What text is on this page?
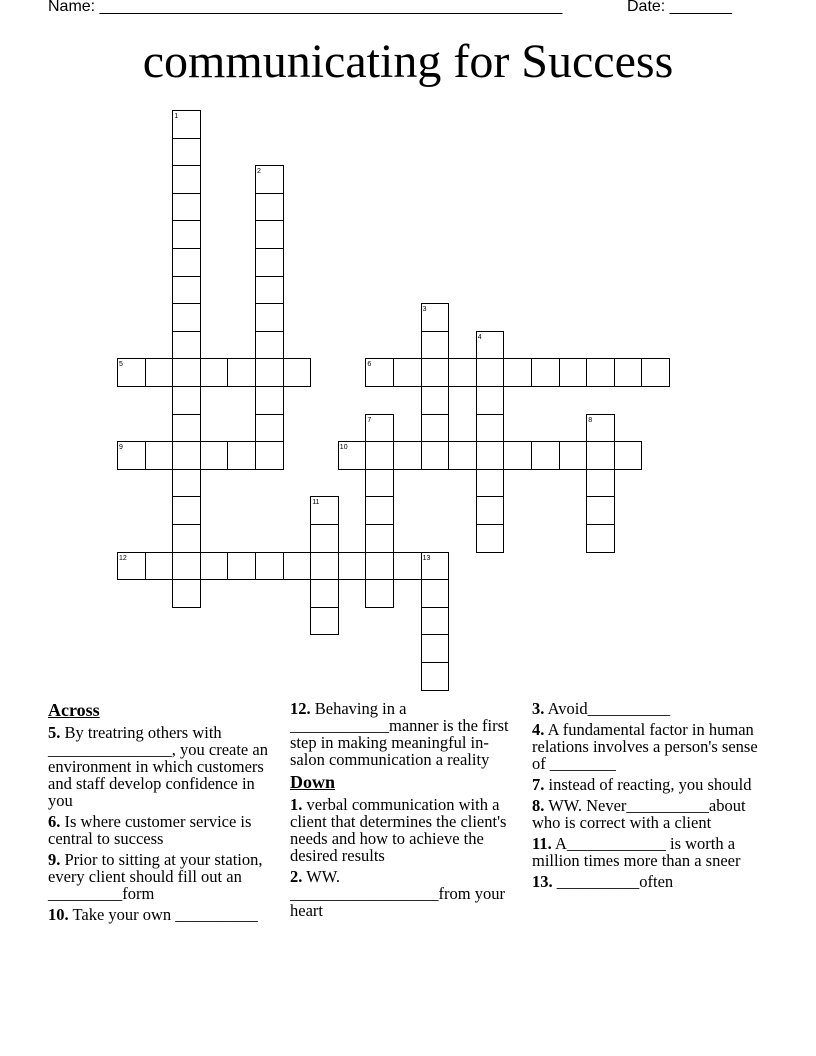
Name: ____________________________________________________	Date: _______
communicating for Success
5	6
9	10
12
1
2
3
4
7	8
11
13
Across
5. By treatring others with _______________, you create an environment in which customers and staff develop confidence in you
6. Is where customer service is central to success
9. Prior to sitting at your station, every client should fill out an _________form
10. Take your own __________
12. Behaving in a ____________manner is the first step in making meaningful in-salon communication a reality
Down
1. verbal communication with a client that determines the client's needs and how to achieve the desired results
2. WW. __________________from your heart
3. Avoid__________
4. A fundamental factor in human relations involves a person's sense of ________
7. instead of reacting, you should
8. WW. Never__________about who is correct with a client
11. A____________ is worth a million times more than a sneer
13. __________often
